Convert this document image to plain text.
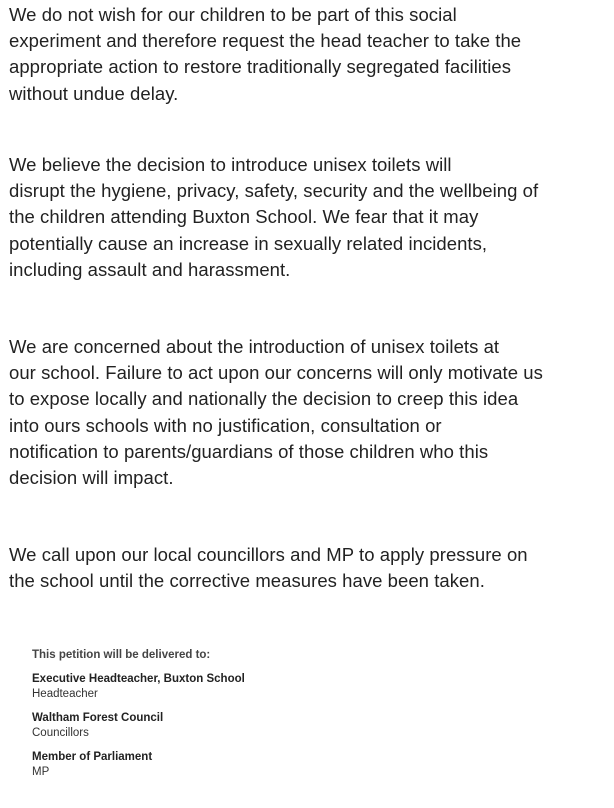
We do not wish for our children to be part of this social
experiment and therefore request the head teacher to take the
appropriate action to restore traditionally segregated facilities
without undue delay.

We believe the decision to introduce unisex toilets will
disrupt the hygiene, privacy, safety, security and the wellbeing of
the children attending Buxton School. We fear that it may
potentially cause an increase in sexually related incidents,
including assault and harassment.

We are concerned about the introduction of unisex toilets at
our school. Failure to act upon our concerns will only motivate us
to expose locally and nationally the decision to creep this idea
into ours schools with no justification, consultation or
notification to parents/guardians of those children who this
decision will impact.

We call upon our local councillors and MP to apply pressure on
the school until the corrective measures have been taken.

This petition will be delivered to:
Executive Headteacher, Buxton School
Headteacher
Waltham Forest Council
Councillors
Member of Parliament
MP
